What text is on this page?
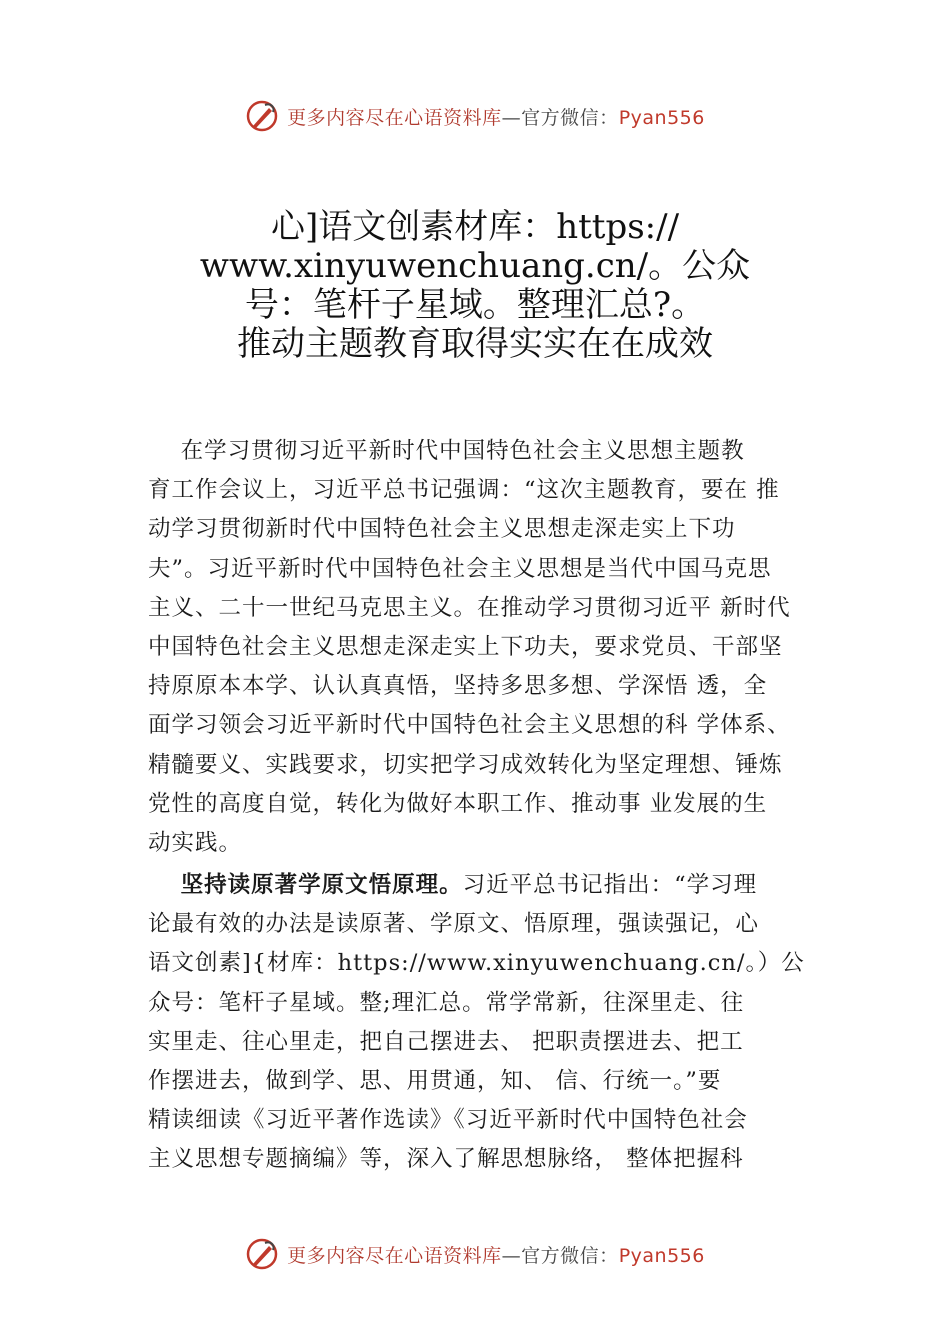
更多内容尽在心语资料库—官方微信：Pyan556
心]语文创素材库：https://
www.xinyuwenchuang.cn/。公众
号：笔杆子星域。整理汇总?。
推动主题教育取得实实在在成效

在学习贯彻习近平新时代中国特色社会主义思想主题教

育工作会议上，习近平总书记强调：“这次主题教育，要在 推

动学习贯彻新时代中国特色社会主义思想走深走实上下功

夫”。习近平新时代中国特色社会主义思想是当代中国马克思

主义、二十一世纪马克思主义。在推动学习贯彻习近平 新时代

中国特色社会主义思想走深走实上下功夫，要求党员、干部坚

持原原本本学、认认真真悟，坚持多思多想、学深悟 透，全

面学习领会习近平新时代中国特色社会主义思想的科 学体系、

精髓要义、实践要求，切实把学习成效转化为坚定理想、锤炼

党性的高度自觉，转化为做好本职工作、推动事 业发展的生

动实践。

坚持读原著学原文悟原理。习近平总书记指出：“学习理

论最有效的办法是读原著、学原文、悟原理，强读强记，心

语文创素]{材库：https://www.xinyuwenchuang.cn/。）公

众号：笔杆子星域。整;理汇总。常学常新，往深里走、往

实里走、往心里走，把自己摆进去、 把职责摆进去、把工

作摆进去，做到学、思、用贯通，知、 信、行统一。”要

精读细读《习近平著作选读》《习近平新时代中国特色社会

主义思想专题摘编》等，深入了解思想脉络， 整体把握科

更多内容尽在心语资料库—官方微信：Pyan556
